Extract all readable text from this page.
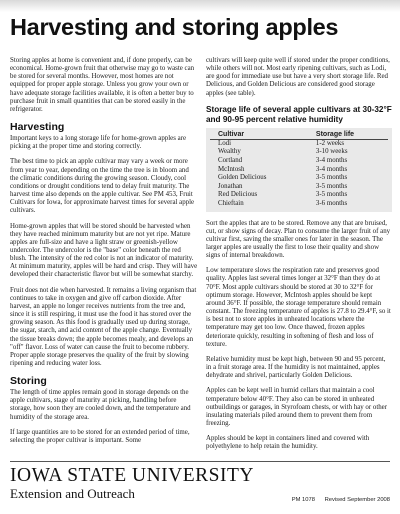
Harvesting and storing apples

Storing apples at home is convenient and, if done properly, can be economical. Home-grown fruit that otherwise may go to waste can be stored for several months. However, most homes are not equipped for proper apple storage. Unless you grow your own or have adequate storage facilities available, it is often a better buy to purchase fruit in small quantities that can be stored easily in the refrigerator.

Harvesting

Important keys to a long storage life for home-grown apples are picking at the proper time and storing correctly.

The best time to pick an apple cultivar may vary a week or more from year to year, depending on the time the tree is in bloom and the climatic conditions during the growing season. Cloudy, cool conditions or drought conditions tend to delay fruit maturity. The harvest time also depends on the apple cultivar. See PM 453, Fruit Cultivars for Iowa, for approximate harvest times for several apple cultivars.

Home-grown apples that will be stored should be harvested when they have reached minimum maturity but are not yet ripe. Mature apples are full-size and have a light straw or greenish-yellow undercolor. The undercolor is the "base" color beneath the red blush. The intensity of the red color is not an indicator of maturity. At minimum maturity, apples will be hard and crisp. They will have developed their characteristic flavor but will be somewhat starchy.

Fruit does not die when harvested. It remains a living organism that continues to take in oxygen and give off carbon dioxide. After harvest, an apple no longer receives nutrients from the tree and, since it is still respiring, it must use the food it has stored over the growing season. As this food is gradually used up during storage, the sugar, starch, and acid content of the apple change. Eventually the tissue breaks down; the apple becomes mealy, and develops an "off" flavor. Loss of water can cause the fruit to become rubbery. Proper apple storage preserves the quality of the fruit by slowing ripening and reducing water loss.

Storing

The length of time apples remain good in storage depends on the apple cultivars, stage of maturity at picking, handling before storage, how soon they are cooled down, and the temperature and humidity of the storage area.

If large quantities are to be stored for an extended period of time, selecting the proper cultivar is important. Some

cultivars will keep quite well if stored under the proper conditions, while others will not. Most early ripening cultivars, such as Lodi, are good for immediate use but have a very short storage life. Red Delicious, and Golden Delicious are considered good storage apples (see table).

Storage life of several apple cultivars at 30-32°F and 90-95 percent relative humidity
Cultivar	Storage life
Lodi	1-2 weeks
Wealthy	3-10 weeks
Cortland	3-4 months
McIntosh	3-4 months
Golden Delicious	3-5 months
Jonathan	3-5 months
Red Delicious	3-5 months
Chieftain	3-6 months

Sort the apples that are to be stored. Remove any that are bruised, cut, or show signs of decay. Plan to consume the larger fruit of any cultivar first, saving the smaller ones for later in the season. The larger apples are usually the first to lose their quality and show signs of internal breakdown.

Low temperature slows the respiration rate and preserves good quality. Apples last several times longer at 32°F than they do at 70°F. Most apple cultivars should be stored at 30 to 32°F for optimum storage. However, McIntosh apples should be kept around 36°F. If possible, the storage temperature should remain constant. The freezing temperature of apples is 27.8 to 29.4°F, so it is best not to store apples in unheated locations where the temperature may get too low. Once thawed, frozen apples deteriorate quickly, resulting in softening of flesh and loss of texture.

Relative humidity must be kept high, between 90 and 95 percent, in a fruit storage area. If the humidity is not maintained, apples dehydrate and shrivel, particularly Golden Delicious.

Apples can be kept well in humid cellars that maintain a cool temperature below 40°F. They also can be stored in unheated outbuildings or garages, in Styrofoam chests, or with hay or other insulating materials piled around them to prevent them from freezing.

Apples should be kept in containers lined and covered with polyethylene to help retain the humidity.

IOWA STATE UNIVERSITY
Extension and Outreach	PM 1078 Revised September 2008
